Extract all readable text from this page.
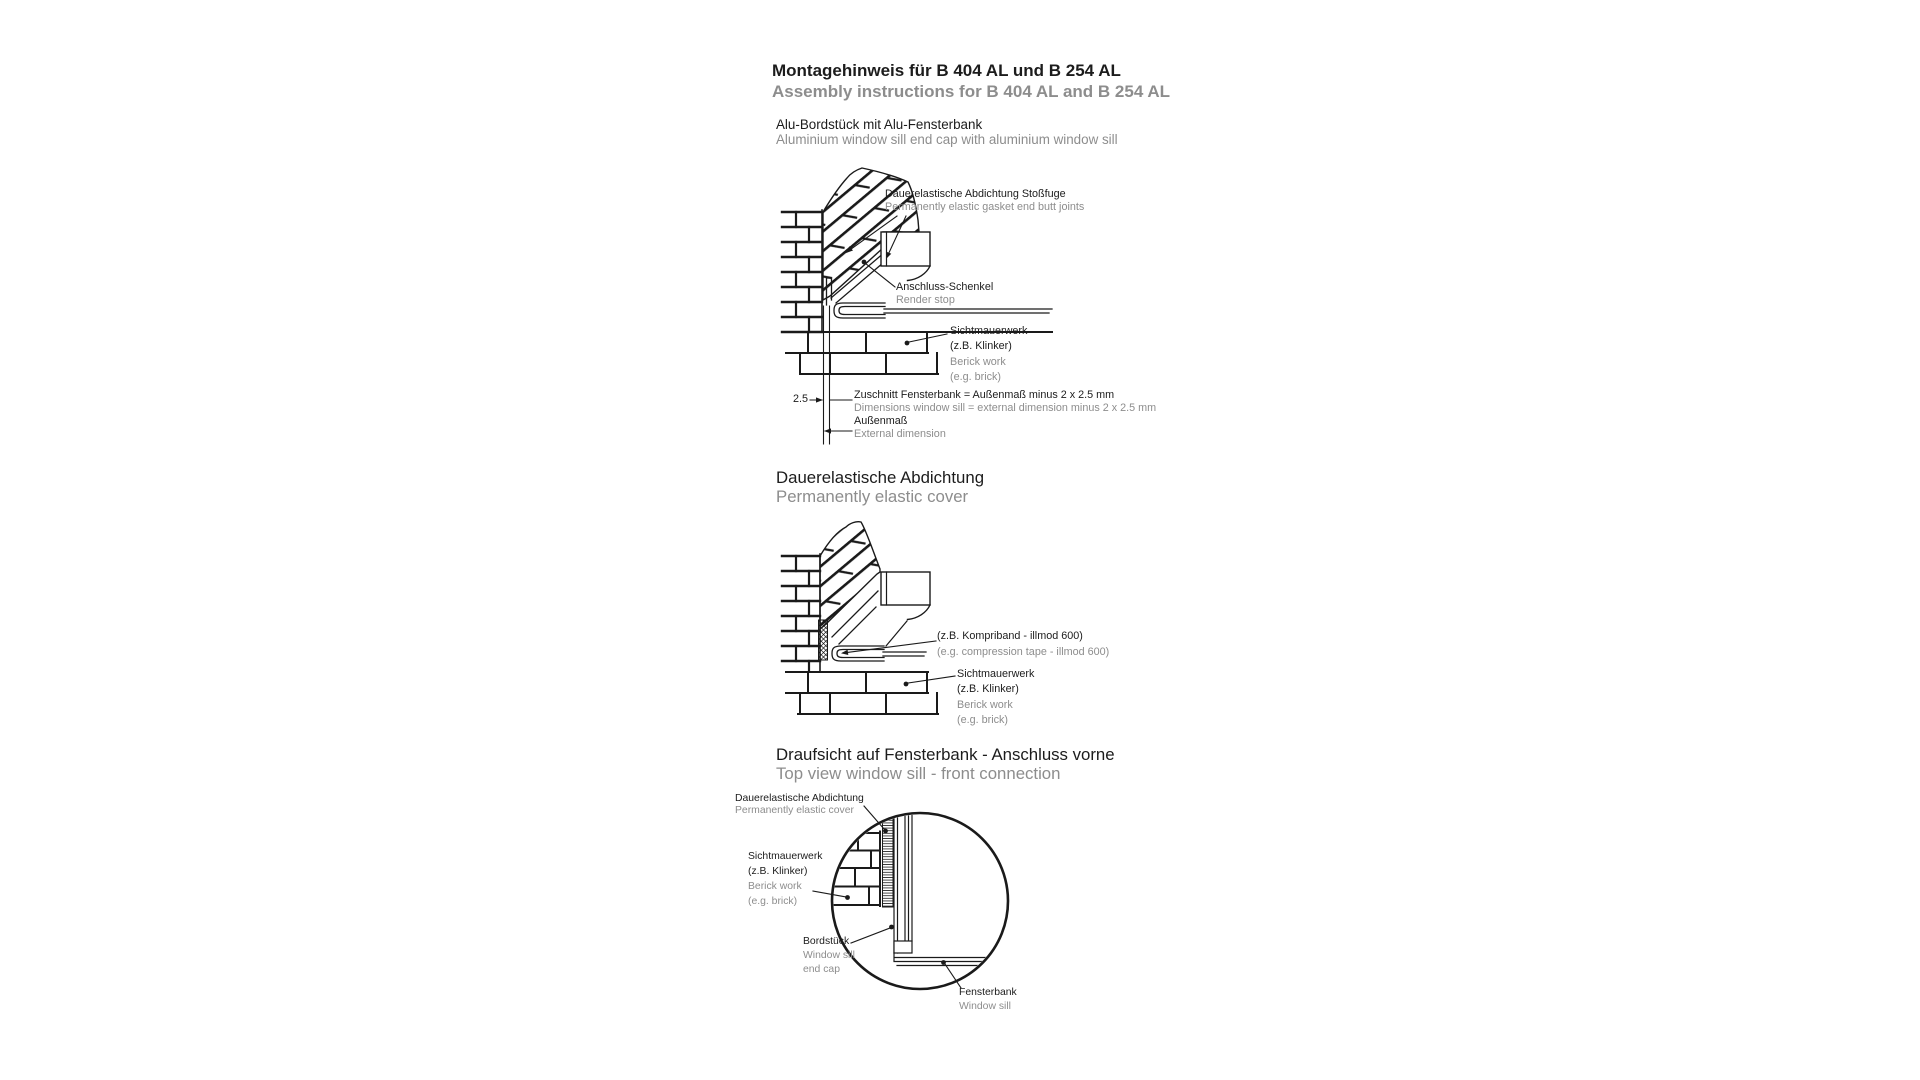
Montagehinweis für B 404 AL und B 254 AL
Assembly instructions for B 404 AL and B 254 AL
Alu-Bordstück mit Alu-Fensterbank
Aluminium window sill end cap with aluminium window sill
Dauerelastische Abdichtung Stoßfuge
Permanently elastic gasket end butt joints
Anschluss-Schenkel
Render stop
Sichtmauerwerk
(z.B. Klinker)
Berick work
(e.g. brick)
2.5	Zuschnitt Fensterbank = Außenmaß minus 2 x 2.5 mm
Dimensions window sill = external dimension minus 2 x 2.5 mm
Außenmaß
External dimension
Dauerelastische Abdichtung
Permanently elastic cover
(z.B. Kompriband - illmod 600)
(e.g. compression tape - illmod 600)
Sichtmauerwerk
(z.B. Klinker)
Berick work
(e.g. brick)
Draufsicht auf Fensterbank - Anschluss vorne
Top view window sill - front connection
Dauerelastische Abdichtung
Permanently elastic cover
Sichtmauerwerk
(z.B. Klinker)
Berick work
(e.g. brick)
Bordstück
Window sill
end cap
Fensterbank
Window sill
